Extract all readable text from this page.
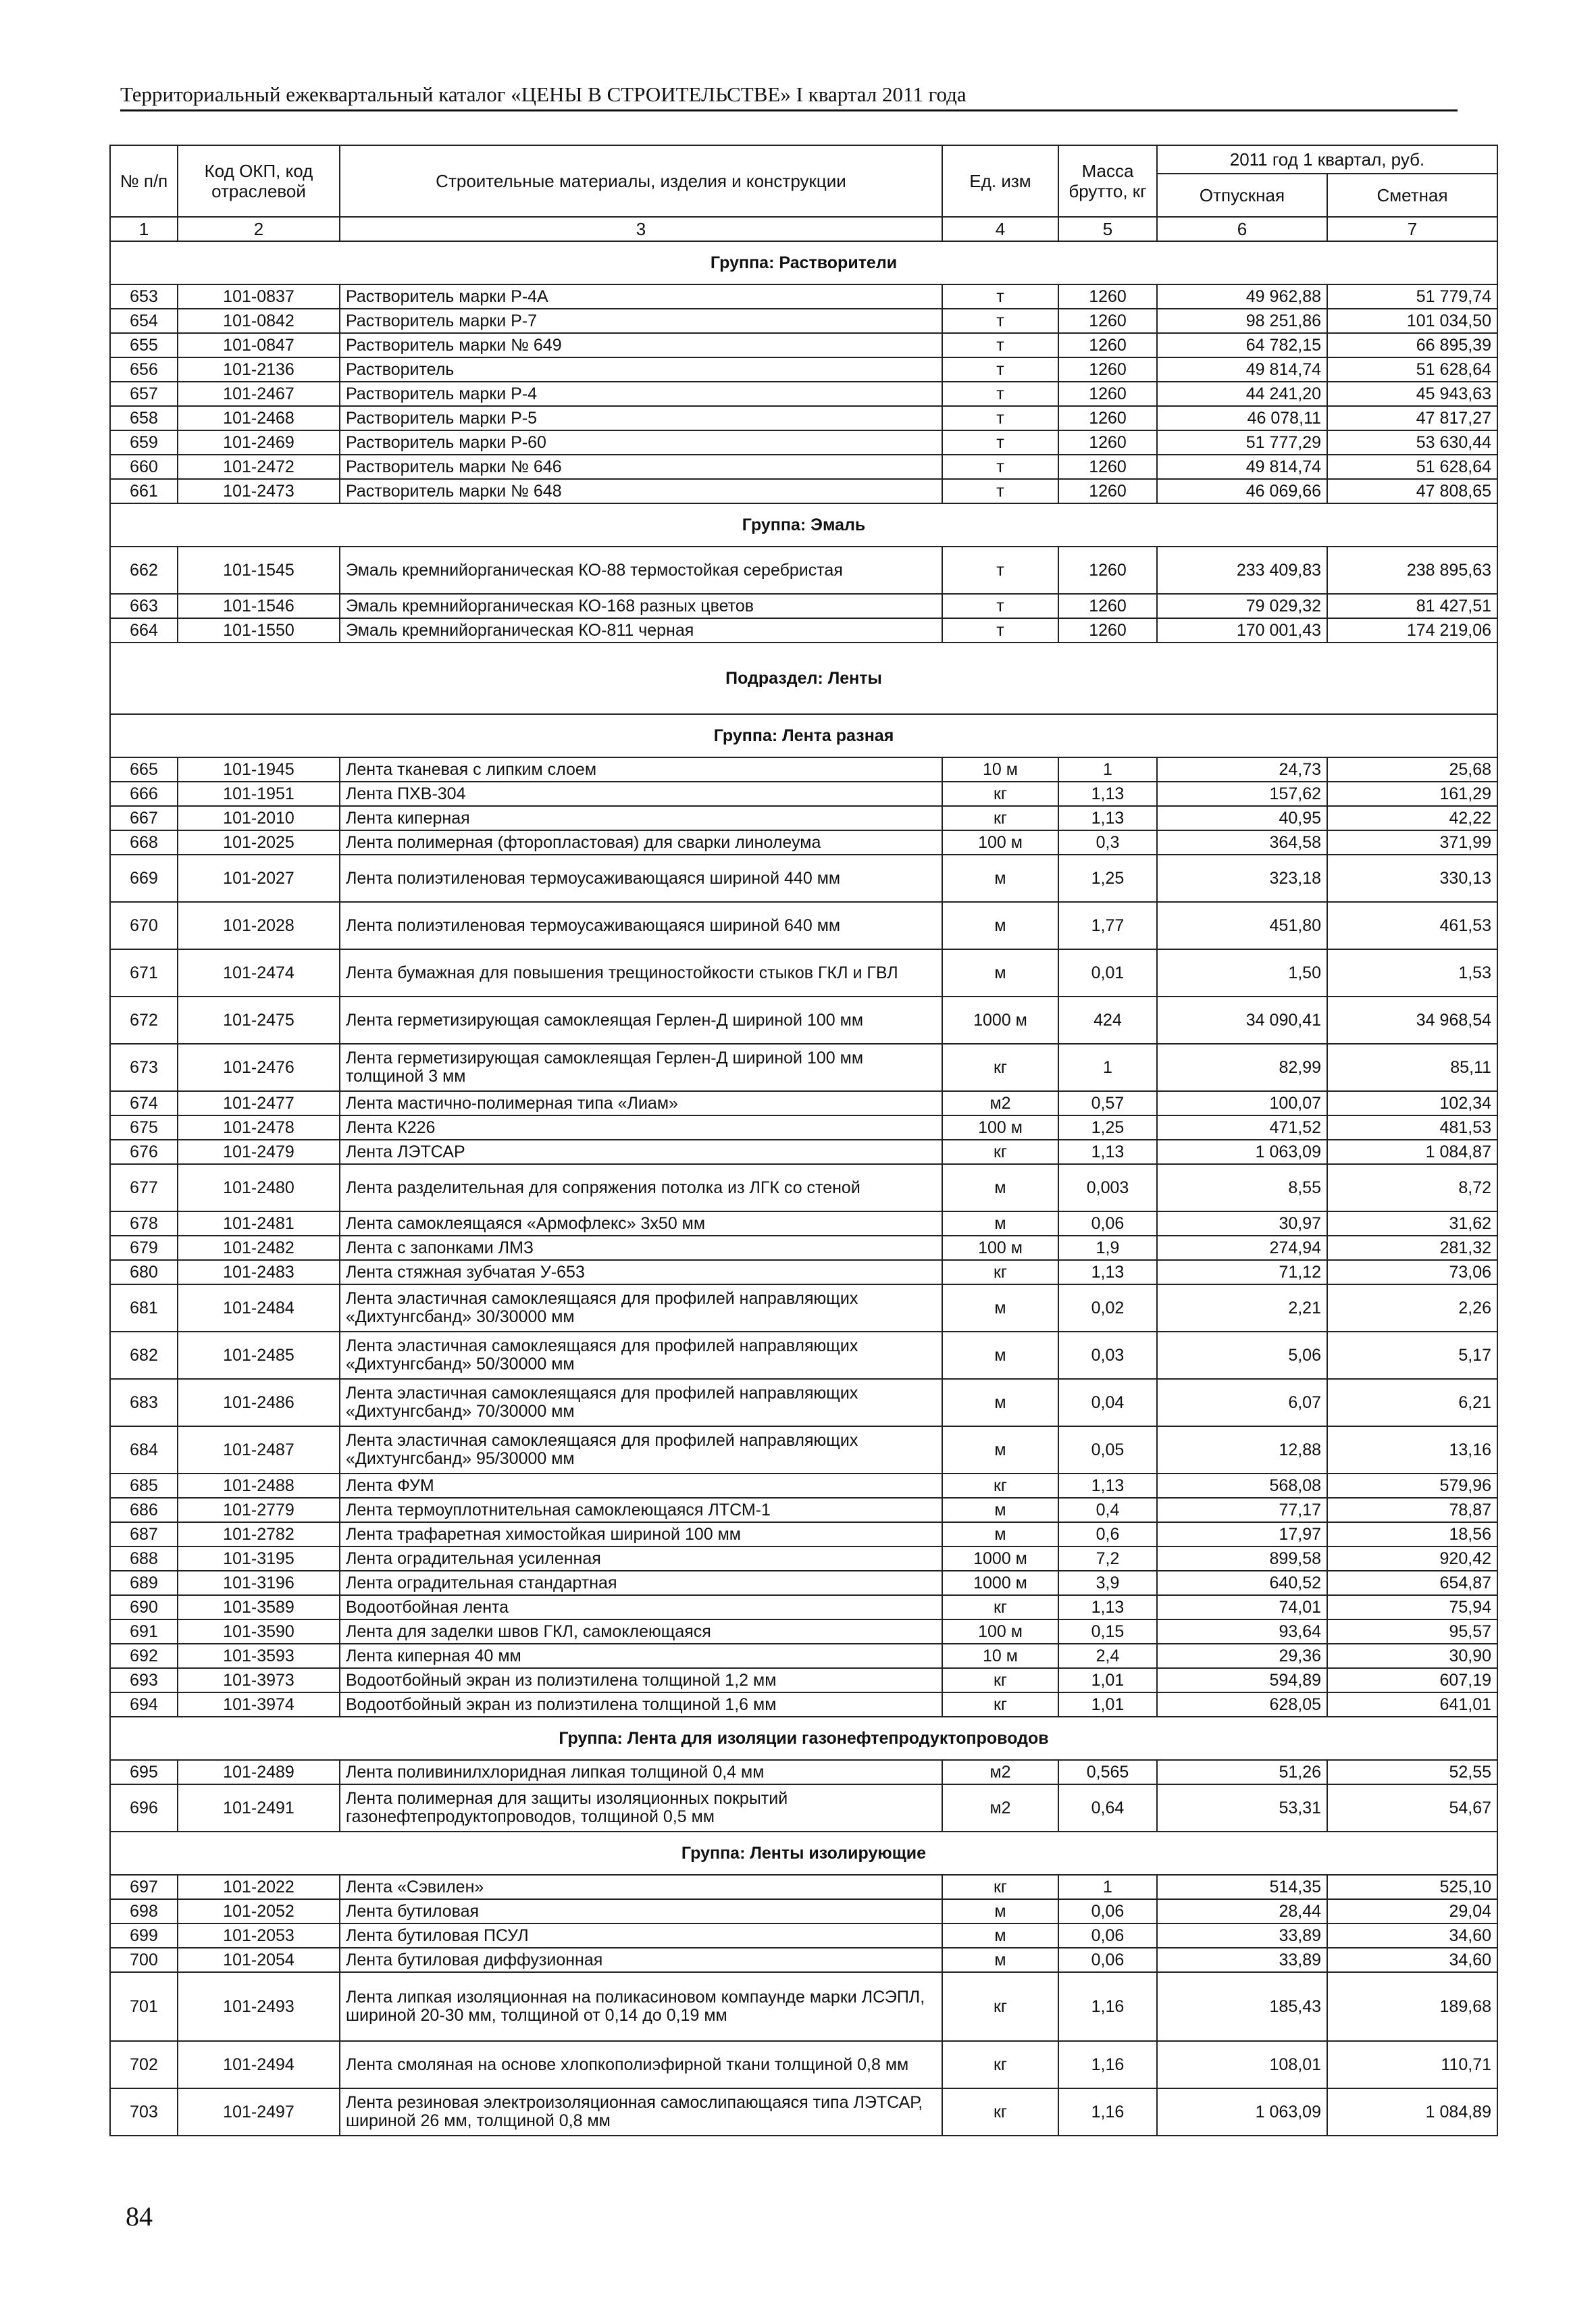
Территориальный ежеквартальный каталог «ЦЕНЫ В СТРОИТЕЛЬСТВЕ» I квартал 2011 года
№ п/п	Код ОКП, код отраслевой	Строительные материалы, изделия и конструкции	Ед. изм	Масса брутто, кг	2011 год 1 квартал, руб.	
					Отпускная	Сметная
1	2	3	4	5	6	7
Группа: Растворители						
653	101-0837	Растворитель марки Р-4А	т	1260	49 962,88	51 779,74
654	101-0842	Растворитель марки Р-7	т	1260	98 251,86	101 034,50
655	101-0847	Растворитель марки № 649	т	1260	64 782,15	66 895,39
656	101-2136	Растворитель	т	1260	49 814,74	51 628,64
657	101-2467	Растворитель марки Р-4	т	1260	44 241,20	45 943,63
658	101-2468	Растворитель марки Р-5	т	1260	46 078,11	47 817,27
659	101-2469	Растворитель марки Р-60	т	1260	51 777,29	53 630,44
660	101-2472	Растворитель марки № 646	т	1260	49 814,74	51 628,64
661	101-2473	Растворитель марки № 648	т	1260	46 069,66	47 808,65
Группа: Эмаль						
662	101-1545	Эмаль кремнийорганическая КО-88 термостойкая серебристая	т	1260	233 409,83	238 895,63
663	101-1546	Эмаль кремнийорганическая КО-168 разных цветов	т	1260	79 029,32	81 427,51
664	101-1550	Эмаль кремнийорганическая КО-811 черная	т	1260	170 001,43	174 219,06
Подраздел: Ленты						
Группа: Лента разная						
665	101-1945	Лента тканевая с липким слоем	10 м	1	24,73	25,68
666	101-1951	Лента ПХВ-304	кг	1,13	157,62	161,29
667	101-2010	Лента киперная	кг	1,13	40,95	42,22
668	101-2025	Лента полимерная (фторопластовая) для сварки линолеума	100 м	0,3	364,58	371,99
669	101-2027	Лента полиэтиленовая термоусаживающаяся шириной 440 мм	м	1,25	323,18	330,13
670	101-2028	Лента полиэтиленовая термоусаживающаяся шириной 640 мм	м	1,77	451,80	461,53
671	101-2474	Лента бумажная для повышения трещиностойкости стыков ГКЛ и ГВЛ	м	0,01	1,50	1,53
672	101-2475	Лента герметизирующая самоклеящая Герлен-Д шириной 100 мм	1000 м	424	34 090,41	34 968,54
673	101-2476	Лента герметизирующая самоклеящая Герлен-Д шириной 100 мм толщиной 3 мм	кг	1	82,99	85,11
674	101-2477	Лента мастично-полимерная типа «Лиам»	м2	0,57	100,07	102,34
675	101-2478	Лента К226	100 м	1,25	471,52	481,53
676	101-2479	Лента ЛЭТСАР	кг	1,13	1 063,09	1 084,87
677	101-2480	Лента разделительная для сопряжения потолка из ЛГК со стеной	м	0,003	8,55	8,72
678	101-2481	Лента самоклеящаяся «Армофлекс» 3х50 мм	м	0,06	30,97	31,62
679	101-2482	Лента с запонками ЛМЗ	100 м	1,9	274,94	281,32
680	101-2483	Лента стяжная зубчатая У-653	кг	1,13	71,12	73,06
681	101-2484	Лента эластичная самоклеящаяся для профилей направляющих «Дихтунгсбанд» 30/30000 мм	м	0,02	2,21	2,26
682	101-2485	Лента эластичная самоклеящаяся для профилей направляющих «Дихтунгсбанд» 50/30000 мм	м	0,03	5,06	5,17
683	101-2486	Лента эластичная самоклеящаяся для профилей направляющих «Дихтунгсбанд» 70/30000 мм	м	0,04	6,07	6,21
684	101-2487	Лента эластичная самоклеящаяся для профилей направляющих «Дихтунгсбанд» 95/30000 мм	м	0,05	12,88	13,16
685	101-2488	Лента ФУМ	кг	1,13	568,08	579,96
686	101-2779	Лента термоуплотнительная самоклеющаяся ЛТСМ-1	м	0,4	77,17	78,87
687	101-2782	Лента трафаретная химостойкая шириной 100 мм	м	0,6	17,97	18,56
688	101-3195	Лента оградительная усиленная	1000 м	7,2	899,58	920,42
689	101-3196	Лента оградительная стандартная	1000 м	3,9	640,52	654,87
690	101-3589	Водоотбойная лента	кг	1,13	74,01	75,94
691	101-3590	Лента для заделки швов ГКЛ, самоклеющаяся	100 м	0,15	93,64	95,57
692	101-3593	Лента киперная 40 мм	10 м	2,4	29,36	30,90
693	101-3973	Водоотбойный экран из полиэтилена толщиной 1,2 мм	кг	1,01	594,89	607,19
694	101-3974	Водоотбойный экран из полиэтилена толщиной 1,6 мм	кг	1,01	628,05	641,01
Группа: Лента для изоляции газонефтепродуктопроводов						
695	101-2489	Лента поливинилхлоридная липкая толщиной 0,4 мм	м2	0,565	51,26	52,55
696	101-2491	Лента полимерная для защиты изоляционных покрытий газонефтепродуктопроводов, толщиной 0,5 мм	м2	0,64	53,31	54,67
Группа: Ленты изолирующие						
697	101-2022	Лента «Сэвилен»	кг	1	514,35	525,10
698	101-2052	Лента бутиловая	м	0,06	28,44	29,04
699	101-2053	Лента бутиловая ПСУЛ	м	0,06	33,89	34,60
700	101-2054	Лента бутиловая диффузионная	м	0,06	33,89	34,60
701	101-2493	Лента липкая изоляционная на поликасиновом компаунде марки ЛСЭПЛ, шириной 20-30 мм, толщиной от 0,14 до 0,19 мм	кг	1,16	185,43	189,68
702	101-2494	Лента смоляная на основе хлопкополиэфирной ткани толщиной 0,8 мм	кг	1,16	108,01	110,71
703	101-2497	Лента резиновая электроизоляционная самослипающаяся типа ЛЭТСАР, шириной 26 мм, толщиной 0,8 мм	кг	1,16	1 063,09	1 084,89
84
